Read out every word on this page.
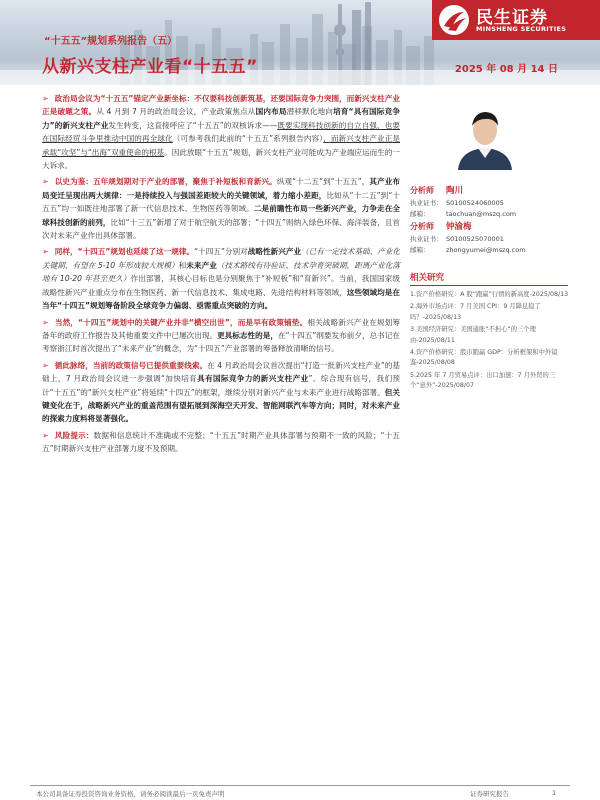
“十五五”规划系列报告（五）
从新兴支柱产业看“十五五”	2025 年 08 月 14 日
民生证券
MINSHENG SECURITIES

➢ 政治局会议为“十五五”锚定产业新坐标：不仅要科技创新筑基，还要国际竞争力突围，而新兴支柱产业正是破题之策。从 4 月到 7 月的政治局会议，产业政策焦点从国内布局潜移默化地向培育“具有国际竞争力”的新兴支柱产业发生转变，这直接呼应了“十五五”的双核诉求——既要实现科技创新的自立自强，也要在国际经贸斗争里推动中国的再全球化（可参考我们此前的“十五五”系列报告内容），而新兴支柱产业正是承载“攻坚”与“出海”双重使命的根基。因此放眼“十五五”规划，新兴支柱产业可能成为产业端应运而生的一大诉求。

➢ 以史为鉴：五年规划期对于产业的部署，聚焦于补短板和育新兴。纵观“十二五”到“十五五”，其产业布局变迁呈现出两大规律：一是持续投入与强国差距较大的关键领域，着力缩小差距，比如从“十二五”到“十五五”均一如既往地部署了新一代信息技术、生物医药等领域。二是前瞻性布局一些新兴产业，力争走在全球科技创新的前列，比如“十三五”新增了对于航空航天的部署；“十四五”则纳入绿色环保、海洋装备，且首次对未来产业作出具体部署。

➢ 同样，“十四五”规划也延续了这一规律。“十四五”分别对战略性新兴产业（已有一定技术基础、产业化关键期，有望在 5-10 年形成较大规模）和未来产业（技术路线有待验证、技术孕育突破期，距离产业化落地有 10-20 年甚至更久）作出部署，其核心目标也是分别聚焦于“补短板”和“育新兴”。当前，我国国家级战略性新兴产业重点分布在生物医药、新一代信息技术、集成电路、先进结构材料等领域，这些领域均是在当年“十四五”规划筹备阶段全球竞争力偏弱、亟需重点突破的方向。

➢ 当然，“十四五”规划中的关键产业并非“横空出世”，而是早有政策铺垫。相关战略新兴产业在规划筹备年的政府工作报告及其他重要文件中已屡次出现。更具标志性的是，在“十四五”纲要发布前夕，总书记在考察浙江时首次提出了“未来产业”的概念，为“十四五”产业部署的筹备释放清晰的信号。

➢ 循此脉络，当前的政策信号已提供重要线索。在 4 月政治局会议首次提出“打造一批新兴支柱产业”的基础上，7 月政治局会议进一步强调“加快培育具有国际竞争力的新兴支柱产业”。综合现有信号，我们预计“十五五”的“新兴支柱产业”将延续“十四五”的框架，继续分别对新兴产业与未来产业进行战略部署。但关键变化在于，战略新兴产业的重盖范围有望拓展到深海空天开发、智能网联汽车等方向；同时，对未来产业的探索力度料将显著强化。

➢ 风险提示：数据和信息统计不准确或不完整；“十五五”时期产业具体部署与预期不一致的风险；“十五五”时期新兴支柱产业部署力度不及预期。

分析师 陶川
执业证书： S0100524060005
邮箱：	taochuan@mszq.com
分析师 钟渝梅
执业证书： S0100525070001
邮箱：	zhongyumei@mszq.com
相关研究
1.资产价格研究：A 股“跑赢”行情的新高度-2025/08/13
2.海外市场点评：7 月美国 CPI：9 月降息稳了吗？-2025/08/13
3.美国经济研究：美国通胀“不担心”的三个理由-2025/08/11
4.资产价格研究：股市跑赢 GDP：分析框架和中外镜鉴-2025/08/08
5.2025 年 7 月贸易点评：出口加速：7 月外贸的三个“意外”-2025/08/07
本公司具备证券投资咨询业务资格，请务必阅读最后一页免责声明	证券研究报告	1
